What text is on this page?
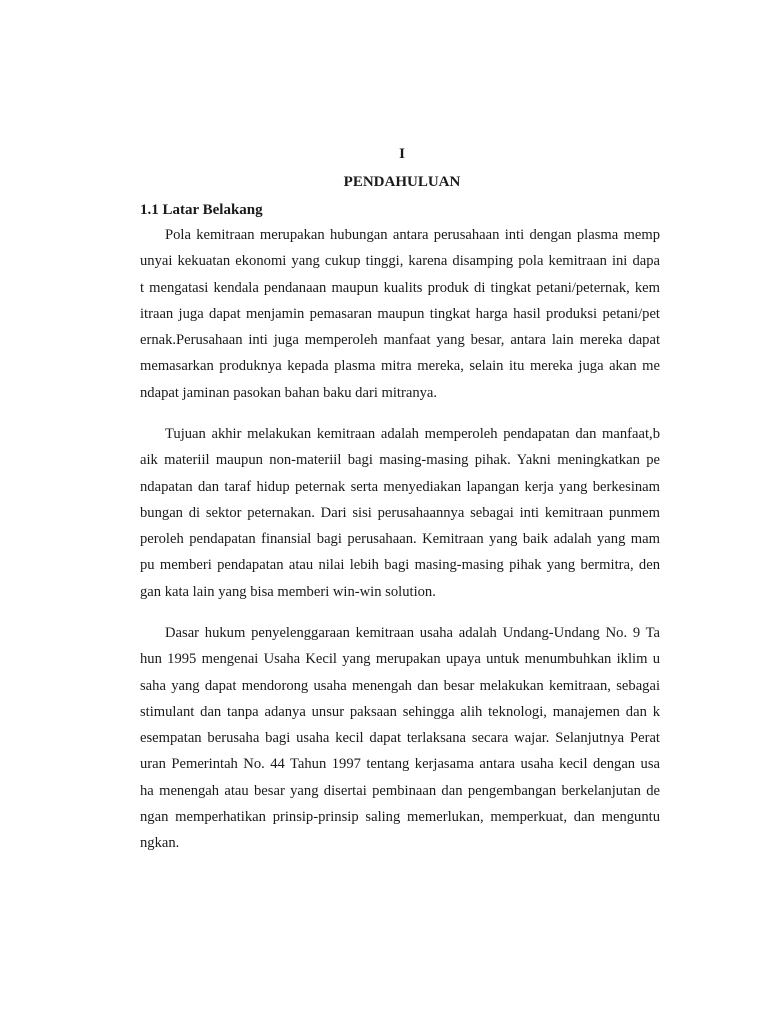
I
PENDAHULUAN
1.1 Latar Belakang
Pola kemitraan merupakan hubungan antara perusahaan inti dengan plasma memp
unyai kekuatan ekonomi yang cukup tinggi, karena disamping pola kemitraan ini dapa
t mengatasi kendala pendanaan maupun kualits produk di tingkat petani/peternak, kem
itraan juga dapat menjamin pemasaran maupun tingkat harga hasil produksi petani/pet
ernak.Perusahaan inti juga memperoleh manfaat yang besar, antara lain mereka dapat
memasarkan produknya kepada plasma mitra mereka, selain itu mereka juga akan me
ndapat jaminan pasokan bahan baku dari mitranya.
Tujuan akhir melakukan kemitraan adalah memperoleh pendapatan dan manfaat,b
aik materiil maupun non-materiil bagi masing-masing pihak. Yakni meningkatkan pe
ndapatan dan taraf hidup peternak serta menyediakan lapangan kerja yang berkesinam
bungan di sektor peternakan. Dari sisi perusahaannya sebagai inti kemitraan punmem
peroleh pendapatan finansial bagi perusahaan. Kemitraan yang baik adalah yang mam
pu memberi pendapatan atau nilai lebih bagi masing-masing pihak yang bermitra, den
gan kata lain yang bisa memberi win-win solution.
Dasar hukum penyelenggaraan kemitraan usaha adalah Undang-Undang No. 9 Ta
hun 1995 mengenai Usaha Kecil yang merupakan upaya untuk menumbuhkan iklim u
saha yang dapat mendorong usaha menengah dan besar melakukan kemitraan, sebagai
stimulant dan tanpa adanya unsur paksaan sehingga alih teknologi, manajemen dan k
esempatan berusaha bagi usaha kecil dapat terlaksana secara wajar. Selanjutnya Perat
uran Pemerintah No. 44 Tahun 1997 tentang kerjasama antara usaha kecil dengan usa
ha menengah atau besar yang disertai pembinaan dan pengembangan berkelanjutan de
ngan memperhatikan prinsip-prinsip saling memerlukan, memperkuat, dan menguntu
ngkan.
